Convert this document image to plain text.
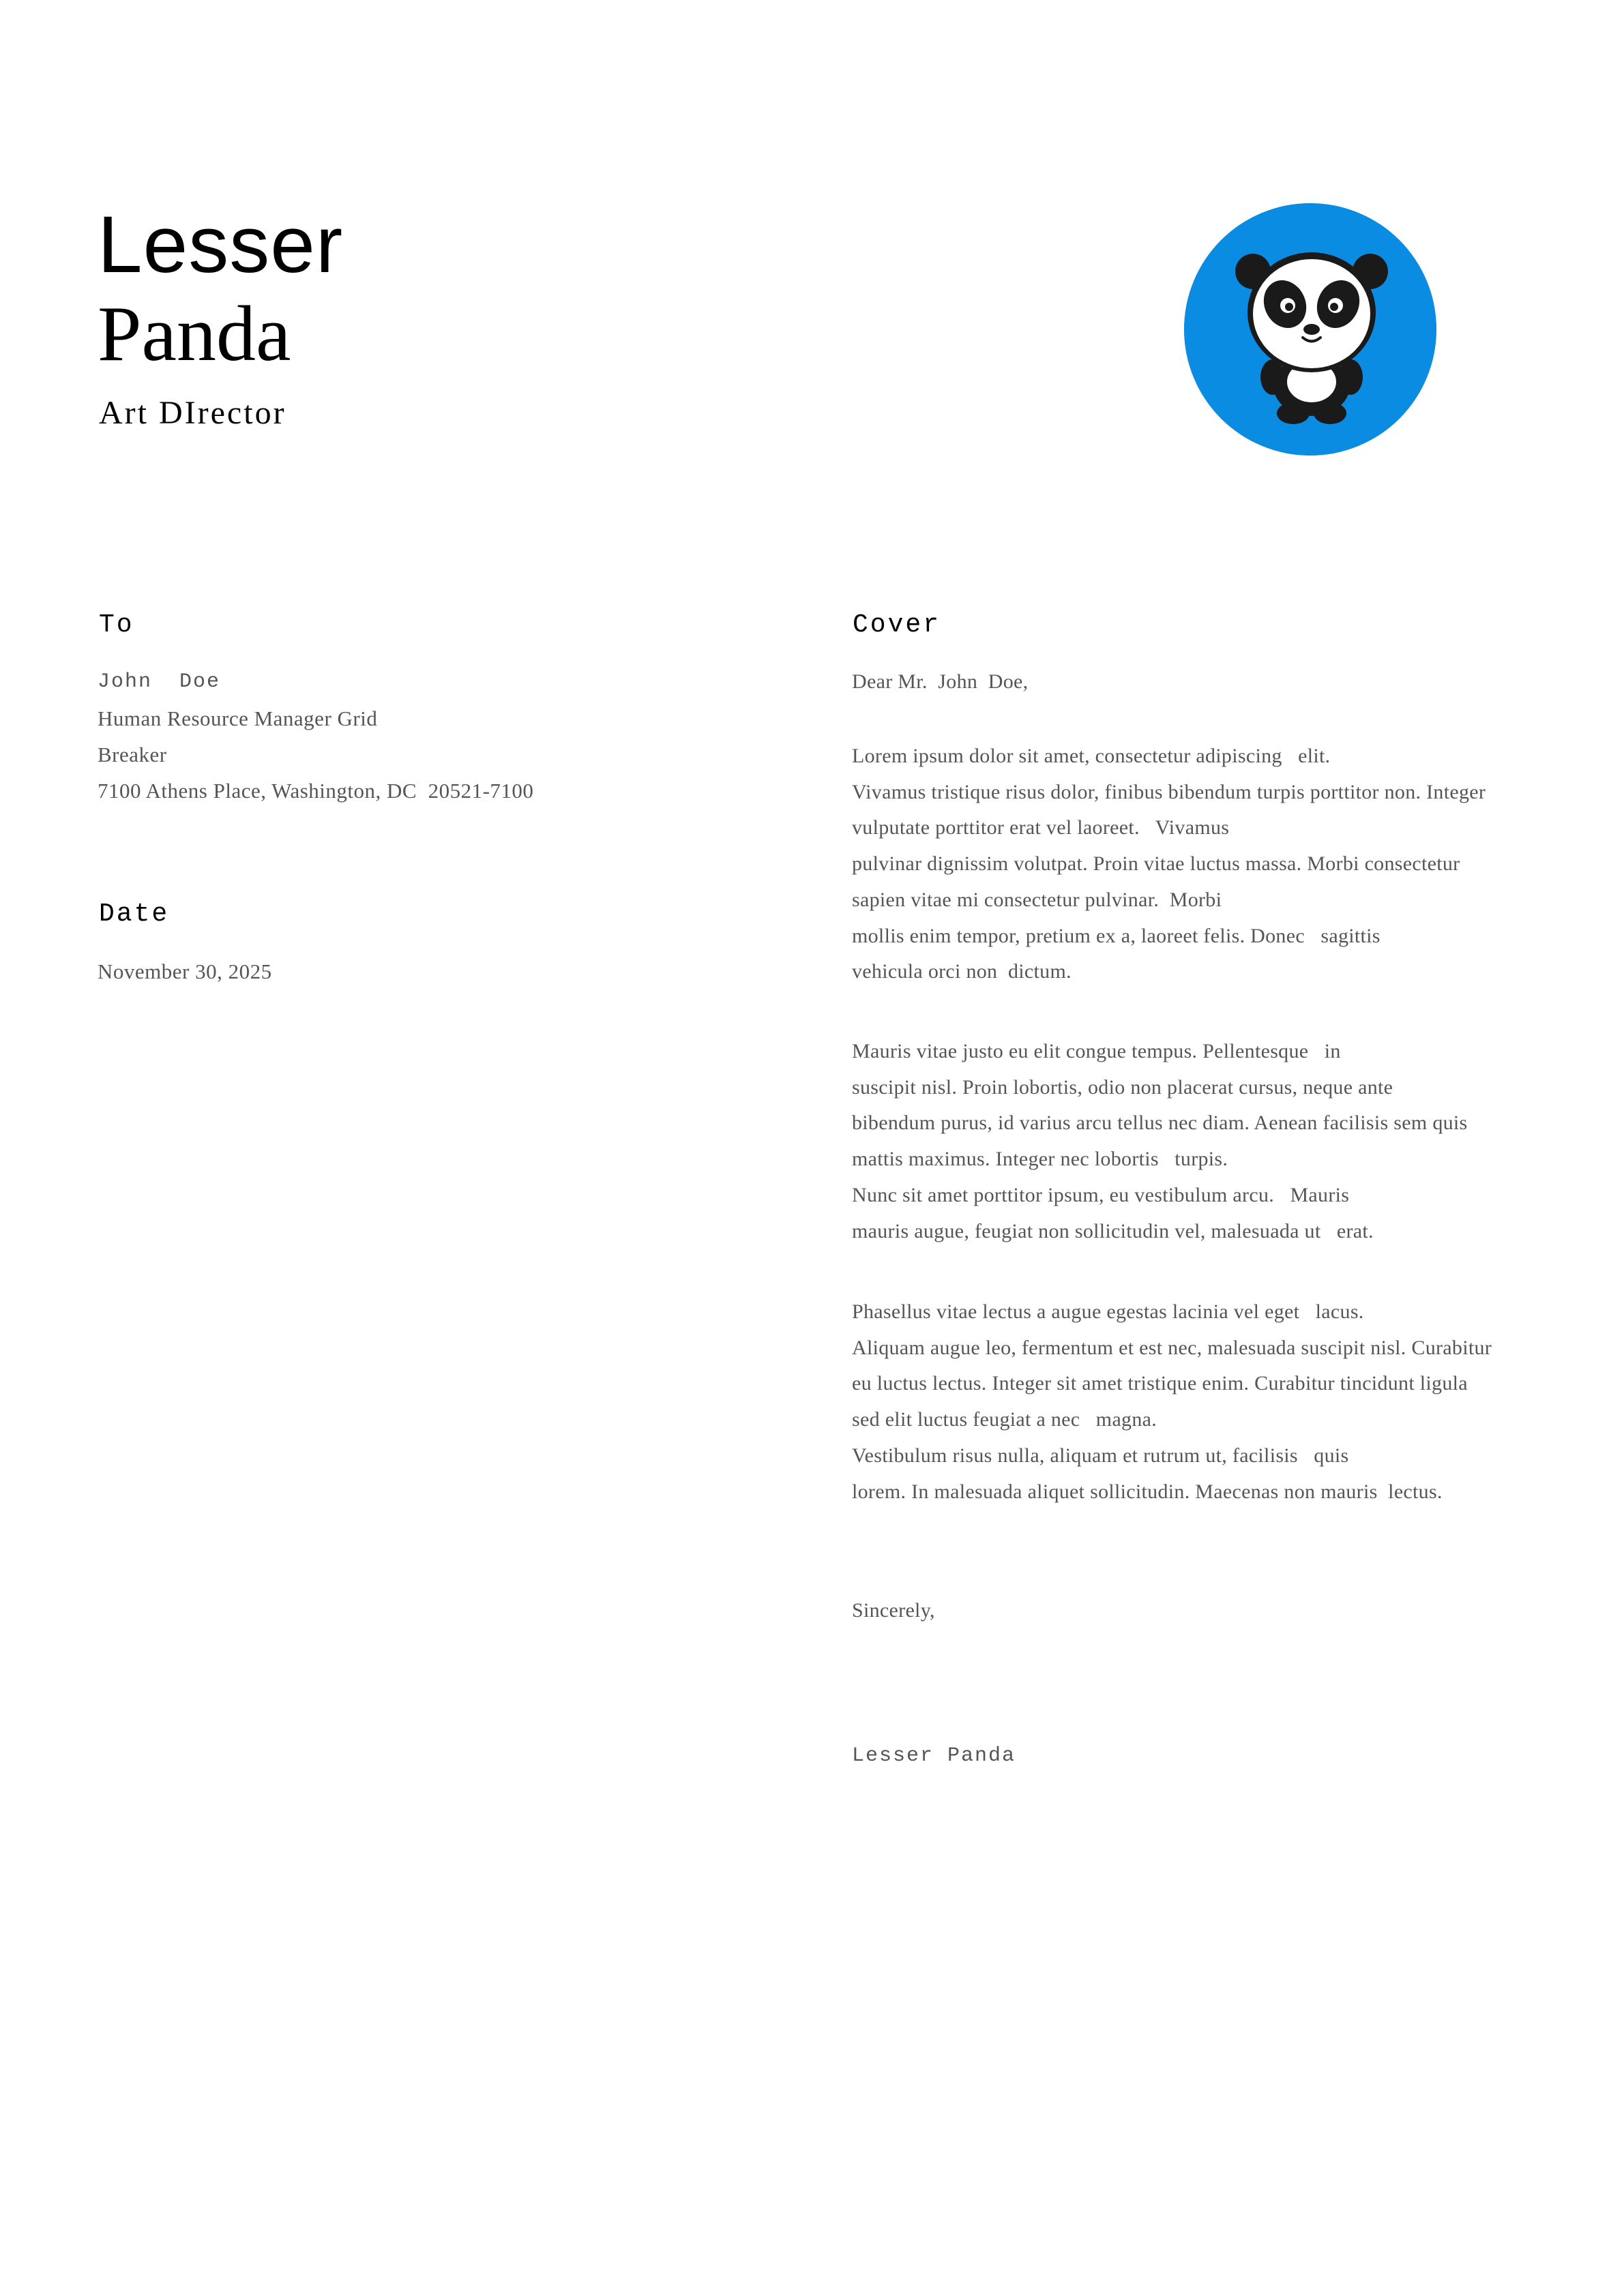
Lesser
Panda
Art DIrector
To
John  Doe
Human Resource Manager Grid
Breaker
7100 Athens Place, Washington, DC  20521-7100
Date
November 30, 2025
Cover
Dear Mr.  John  Doe,
Lorem ipsum dolor sit amet, consectetur adipiscing   elit.
Vivamus tristique risus dolor, finibus bibendum turpis porttitor non. Integer
vulputate porttitor erat vel laoreet.   Vivamus
pulvinar dignissim volutpat. Proin vitae luctus massa. Morbi consectetur
sapien vitae mi consectetur pulvinar.  Morbi
mollis enim tempor, pretium ex a, laoreet felis. Donec   sagittis
vehicula orci non  dictum.
Mauris vitae justo eu elit congue tempus. Pellentesque   in
suscipit nisl. Proin lobortis, odio non placerat cursus, neque ante
bibendum purus, id varius arcu tellus nec diam. Aenean facilisis sem quis
mattis maximus. Integer nec lobortis   turpis.
Nunc sit amet porttitor ipsum, eu vestibulum arcu.   Mauris
mauris augue, feugiat non sollicitudin vel, malesuada ut   erat.
Phasellus vitae lectus a augue egestas lacinia vel eget   lacus.
Aliquam augue leo, fermentum et est nec, malesuada suscipit nisl. Curabitur
eu luctus lectus. Integer sit amet tristique enim. Curabitur tincidunt ligula
sed elit luctus feugiat a nec   magna.
Vestibulum risus nulla, aliquam et rutrum ut, facilisis   quis
lorem. In malesuada aliquet sollicitudin. Maecenas non mauris  lectus.
Sincerely,
Lesser Panda
